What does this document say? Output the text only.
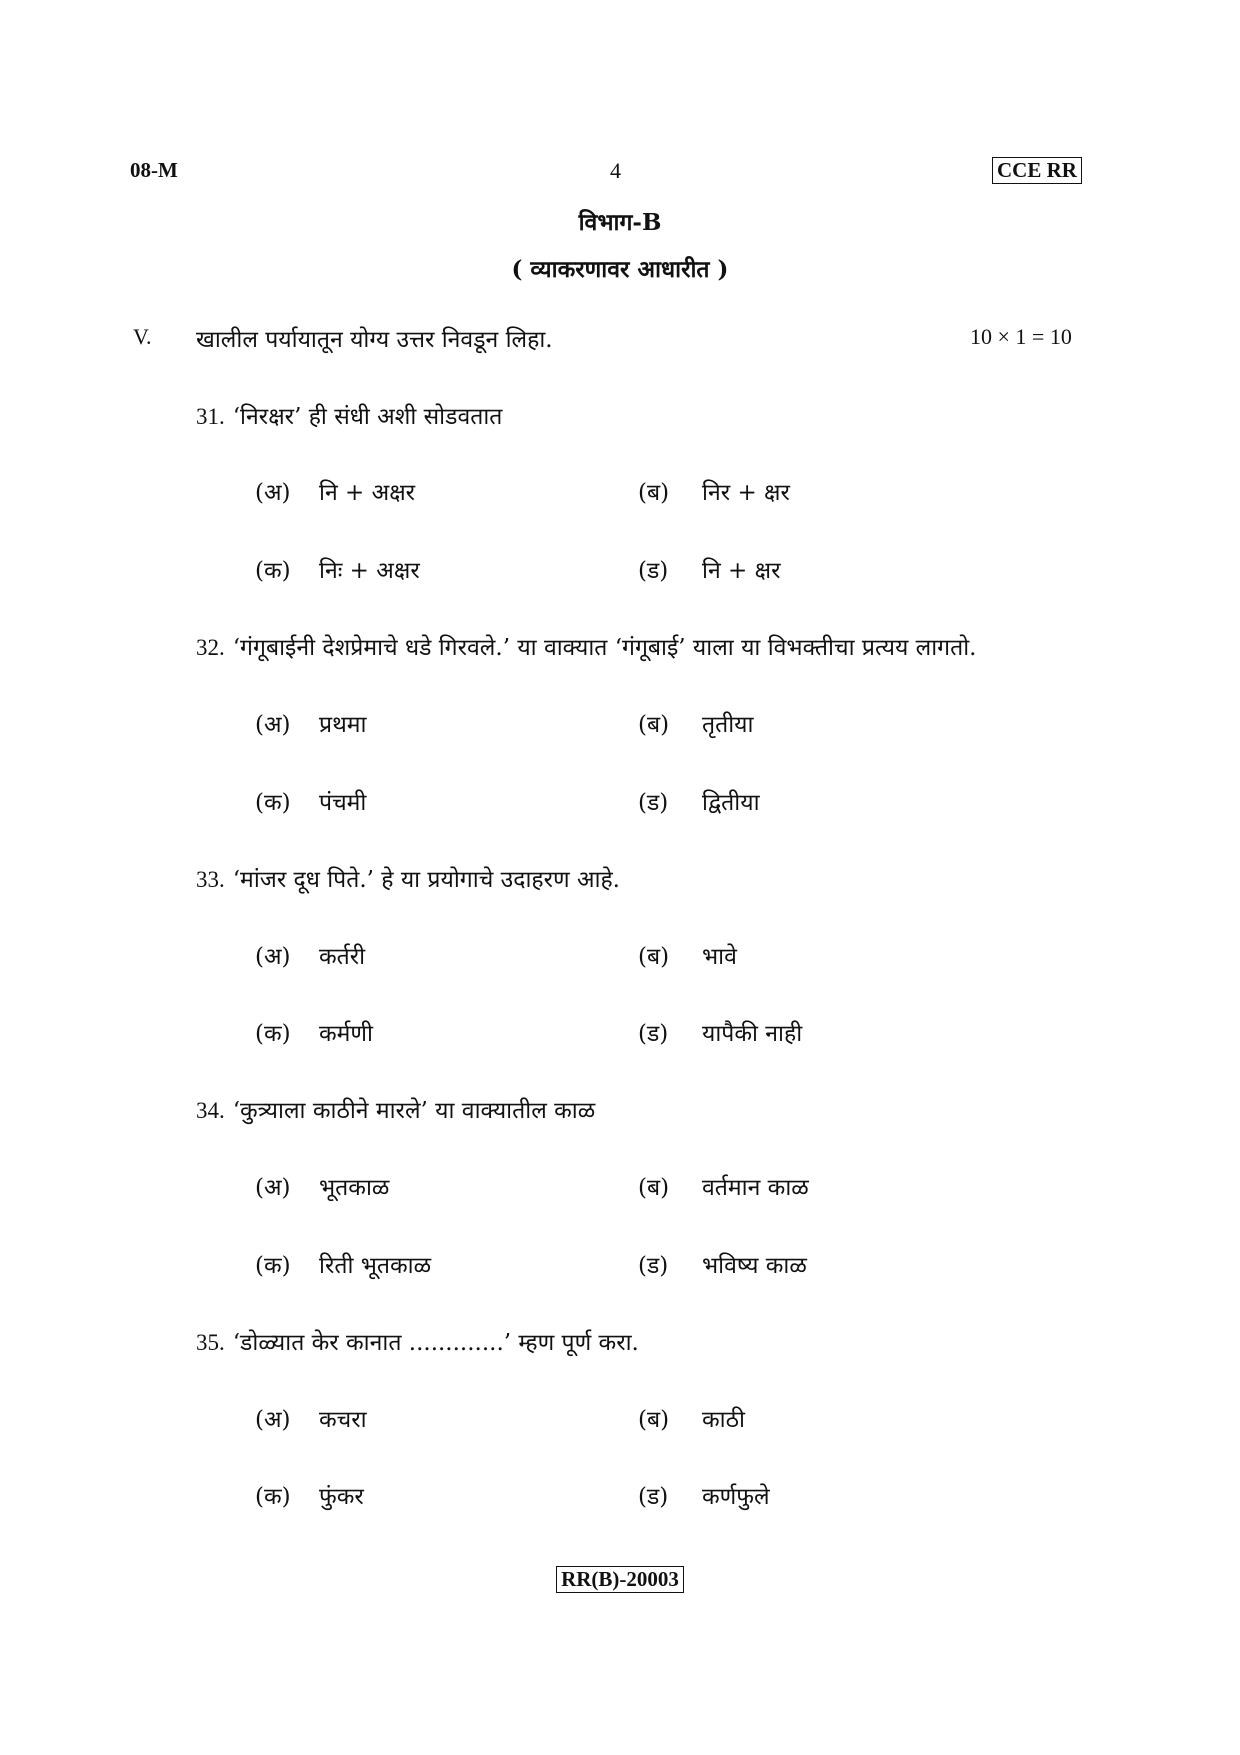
08-M	4	CCE RR
विभाग-B
( व्याकरणावर आधारीत )
V. खालील पर्यायातून योग्य उत्तर निवडून लिहा.	10 × 1 = 10
31. ‘निरक्षर’ ही संधी अशी सोडवतात
(अ) नि + अक्षर	(ब) निर + क्षर
(क) निः + अक्षर	(ड) नि + क्षर
32. ‘गंगूबाईनी देशप्रेमाचे धडे गिरवले.’ या वाक्यात ‘गंगूबाई’ याला या विभक्तीचा प्रत्यय लागतो.
(अ) प्रथमा	(ब) तृतीया
(क) पंचमी	(ड) द्वितीया
33. ‘मांजर दूध पिते.’ हे या प्रयोगाचे उदाहरण आहे.
(अ) कर्तरी	(ब) भावे
(क) कर्मणी	(ड) यापैकी नाही
34. ‘कुत्र्याला काठीने मारले’ या वाक्यातील काळ
(अ) भूतकाळ	(ब) वर्तमान काळ
(क) रिती भूतकाळ	(ड) भविष्य काळ
35. ‘डोळ्यात केर कानात .............’ म्हण पूर्ण करा.
(अ) कचरा	(ब) काठी
(क) फुंकर	(ड) कर्णफुले
RR(B)-20003
